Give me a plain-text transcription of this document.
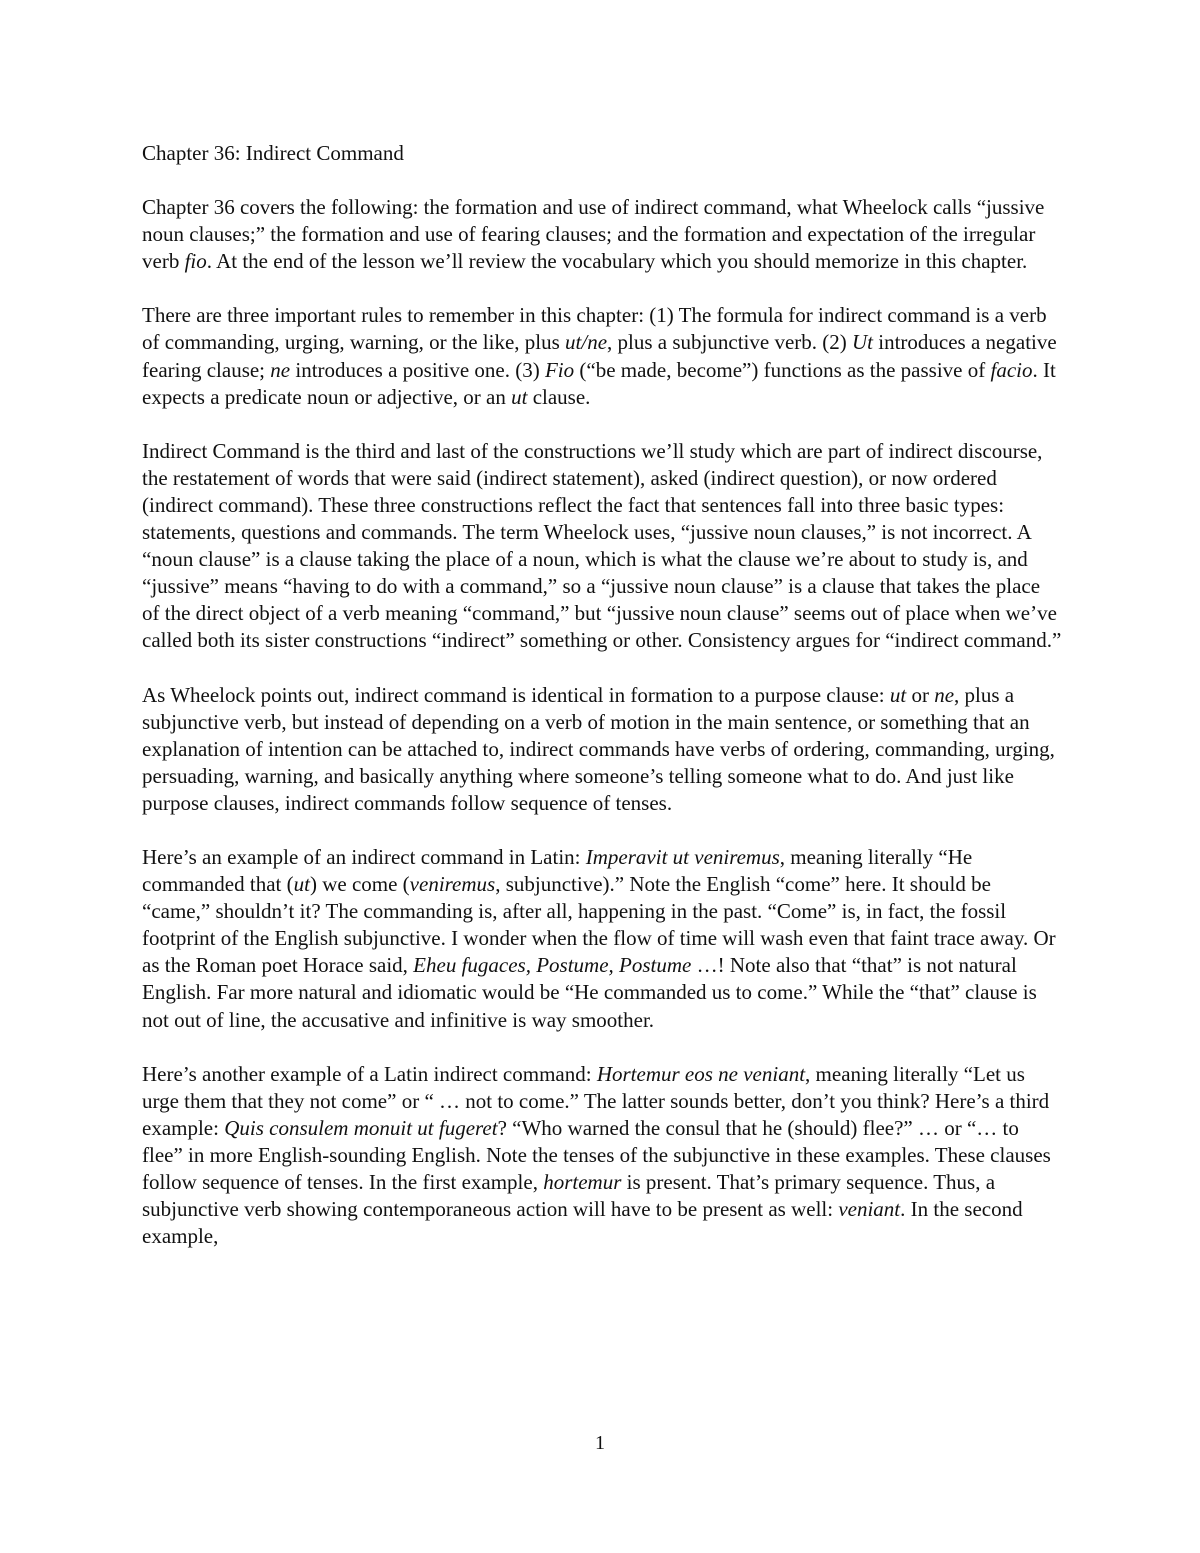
Chapter 36: Indirect Command

Chapter 36 covers the following: the formation and use of indirect command, what Wheelock calls “jussive noun clauses;” the formation and use of fearing clauses; and the formation and expectation of the irregular verb fio. At the end of the lesson we’ll review the vocabulary which you should memorize in this chapter.

There are three important rules to remember in this chapter: (1) The formula for indirect command is a verb of commanding, urging, warning, or the like, plus ut/ne, plus a subjunctive verb. (2) Ut introduces a negative fearing clause; ne introduces a positive one. (3) Fio (“be made, become”) functions as the passive of facio. It expects a predicate noun or adjective, or an ut clause.

Indirect Command is the third and last of the constructions we’ll study which are part of indirect discourse, the restatement of words that were said (indirect statement), asked (indirect question), or now ordered (indirect command). These three constructions reflect the fact that sentences fall into three basic types: statements, questions and commands. The term Wheelock uses, “jussive noun clauses,” is not incorrect. A “noun clause” is a clause taking the place of a noun, which is what the clause we’re about to study is, and “jussive” means “having to do with a command,” so a “jussive noun clause” is a clause that takes the place of the direct object of a verb meaning “command,” but “jussive noun clause” seems out of place when we’ve called both its sister constructions “indirect” something or other. Consistency argues for “indirect command.”

As Wheelock points out, indirect command is identical in formation to a purpose clause: ut or ne, plus a subjunctive verb, but instead of depending on a verb of motion in the main sentence, or something that an explanation of intention can be attached to, indirect commands have verbs of ordering, commanding, urging, persuading, warning, and basically anything where someone’s telling someone what to do. And just like purpose clauses, indirect commands follow sequence of tenses.

Here’s an example of an indirect command in Latin: Imperavit ut veniremus, meaning literally “He commanded that (ut) we come (veniremus, subjunctive).” Note the English “come” here. It should be “came,” shouldn’t it? The commanding is, after all, happening in the past. “Come” is, in fact, the fossil footprint of the English subjunctive. I wonder when the flow of time will wash even that faint trace away. Or as the Roman poet Horace said, Eheu fugaces, Postume, Postume …! Note also that “that” is not natural English. Far more natural and idiomatic would be “He commanded us to come.” While the “that” clause is not out of line, the accusative and infinitive is way smoother.

Here’s another example of a Latin indirect command: Hortemur eos ne veniant, meaning literally “Let us urge them that they not come” or “ … not to come.” The latter sounds better, don’t you think? Here’s a third example: Quis consulem monuit ut fugeret? “Who warned the consul that he (should) flee?” … or “… to flee” in more English-sounding English. Note the tenses of the subjunctive in these examples. These clauses follow sequence of tenses. In the first example, hortemur is present. That’s primary sequence. Thus, a subjunctive verb showing contemporaneous action will have to be present as well: veniant. In the second example,

1
